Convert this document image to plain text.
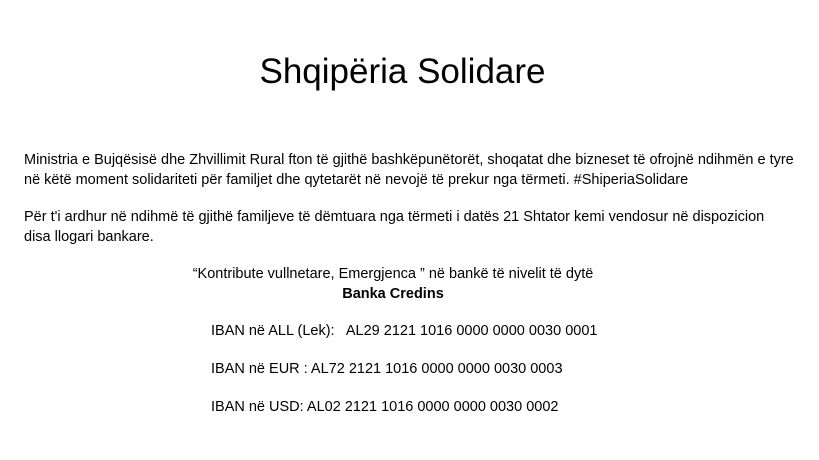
Shqipëria Solidare
Ministria e Bujqësisë dhe Zhvillimit Rural fton të gjithë bashkëpunëtorët, shoqatat dhe bizneset të ofrojnë ndihmën e tyre në këtë moment solidariteti për familjet dhe qytetarët në nevojë të prekur nga tërmeti. #ShiperiaSolidare
Për t'i ardhur në ndihmë të gjithë familjeve të dëmtuara nga tërmeti i datës 21 Shtator kemi vendosur në dispozicion disa llogari bankare.
“Kontribute vullnetare, Emergjenca ” në bankë të nivelit të dytë
Banka Credins
IBAN në ALL (Lek):   AL29 2121 1016 0000 0000 0030 0001
IBAN në EUR : AL72 2121 1016 0000 0000 0030 0003
IBAN në USD: AL02 2121 1016 0000 0000 0030 0002
